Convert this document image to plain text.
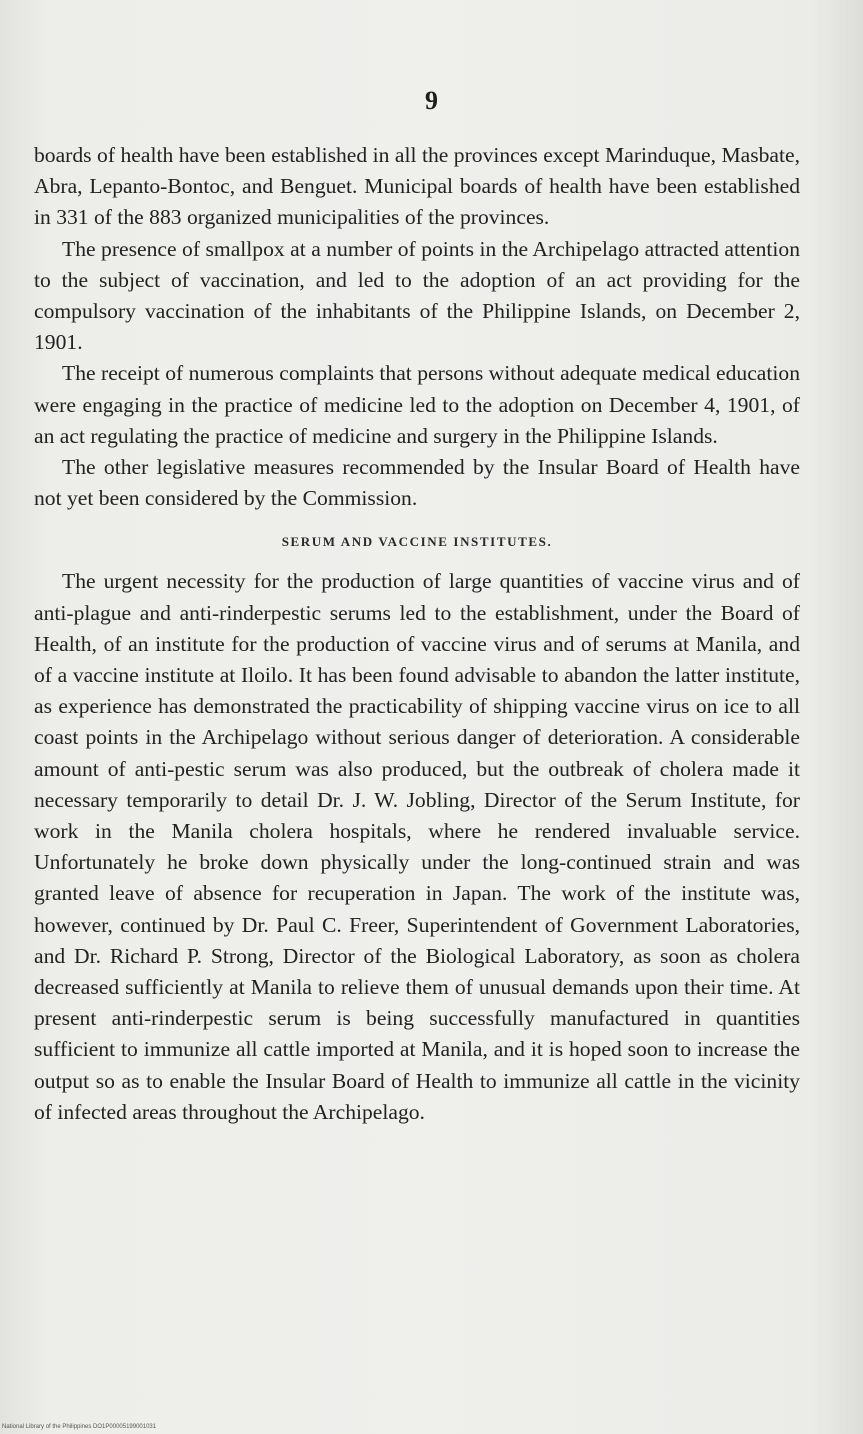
9

boards of health have been established in all the provinces except Marinduque, Masbate, Abra, Lepanto-Bontoc, and Benguet. Municipal boards of health have been established in 331 of the 883 organized municipalities of the provinces.

The presence of smallpox at a number of points in the Archipelago attracted attention to the subject of vaccination, and led to the adoption of an act providing for the compulsory vaccination of the inhabitants of the Philippine Islands, on December 2, 1901.

The receipt of numerous complaints that persons without adequate medical education were engaging in the practice of medicine led to the adoption on December 4, 1901, of an act regulating the practice of medicine and surgery in the Philippine Islands.

The other legislative measures recommended by the Insular Board of Health have not yet been considered by the Commission.

SERUM AND VACCINE INSTITUTES.

The urgent necessity for the production of large quantities of vaccine virus and of anti-plague and anti-rinderpestic serums led to the establishment, under the Board of Health, of an institute for the production of vaccine virus and of serums at Manila, and of a vaccine institute at Iloilo. It has been found advisable to abandon the latter institute, as experience has demonstrated the practicability of shipping vaccine virus on ice to all coast points in the Archipelago without serious danger of deterioration. A considerable amount of anti-pestic serum was also produced, but the outbreak of cholera made it necessary temporarily to detail Dr. J. W. Jobling, Director of the Serum Institute, for work in the Manila cholera hospitals, where he rendered invaluable service. Unfortunately he broke down physically under the long-continued strain and was granted leave of absence for recuperation in Japan. The work of the institute was, however, continued by Dr. Paul C. Freer, Superintendent of Government Laboratories, and Dr. Richard P. Strong, Director of the Biological Laboratory, as soon as cholera decreased sufficiently at Manila to relieve them of unusual demands upon their time. At present anti-rinderpestic serum is being successfully manufactured in quantities sufficient to immunize all cattle imported at Manila, and it is hoped soon to increase the output so as to enable the Insular Board of Health to immunize all cattle in the vicinity of infected areas throughout the Archipelago.

National Library of the Philippines DO1P00005199001031
